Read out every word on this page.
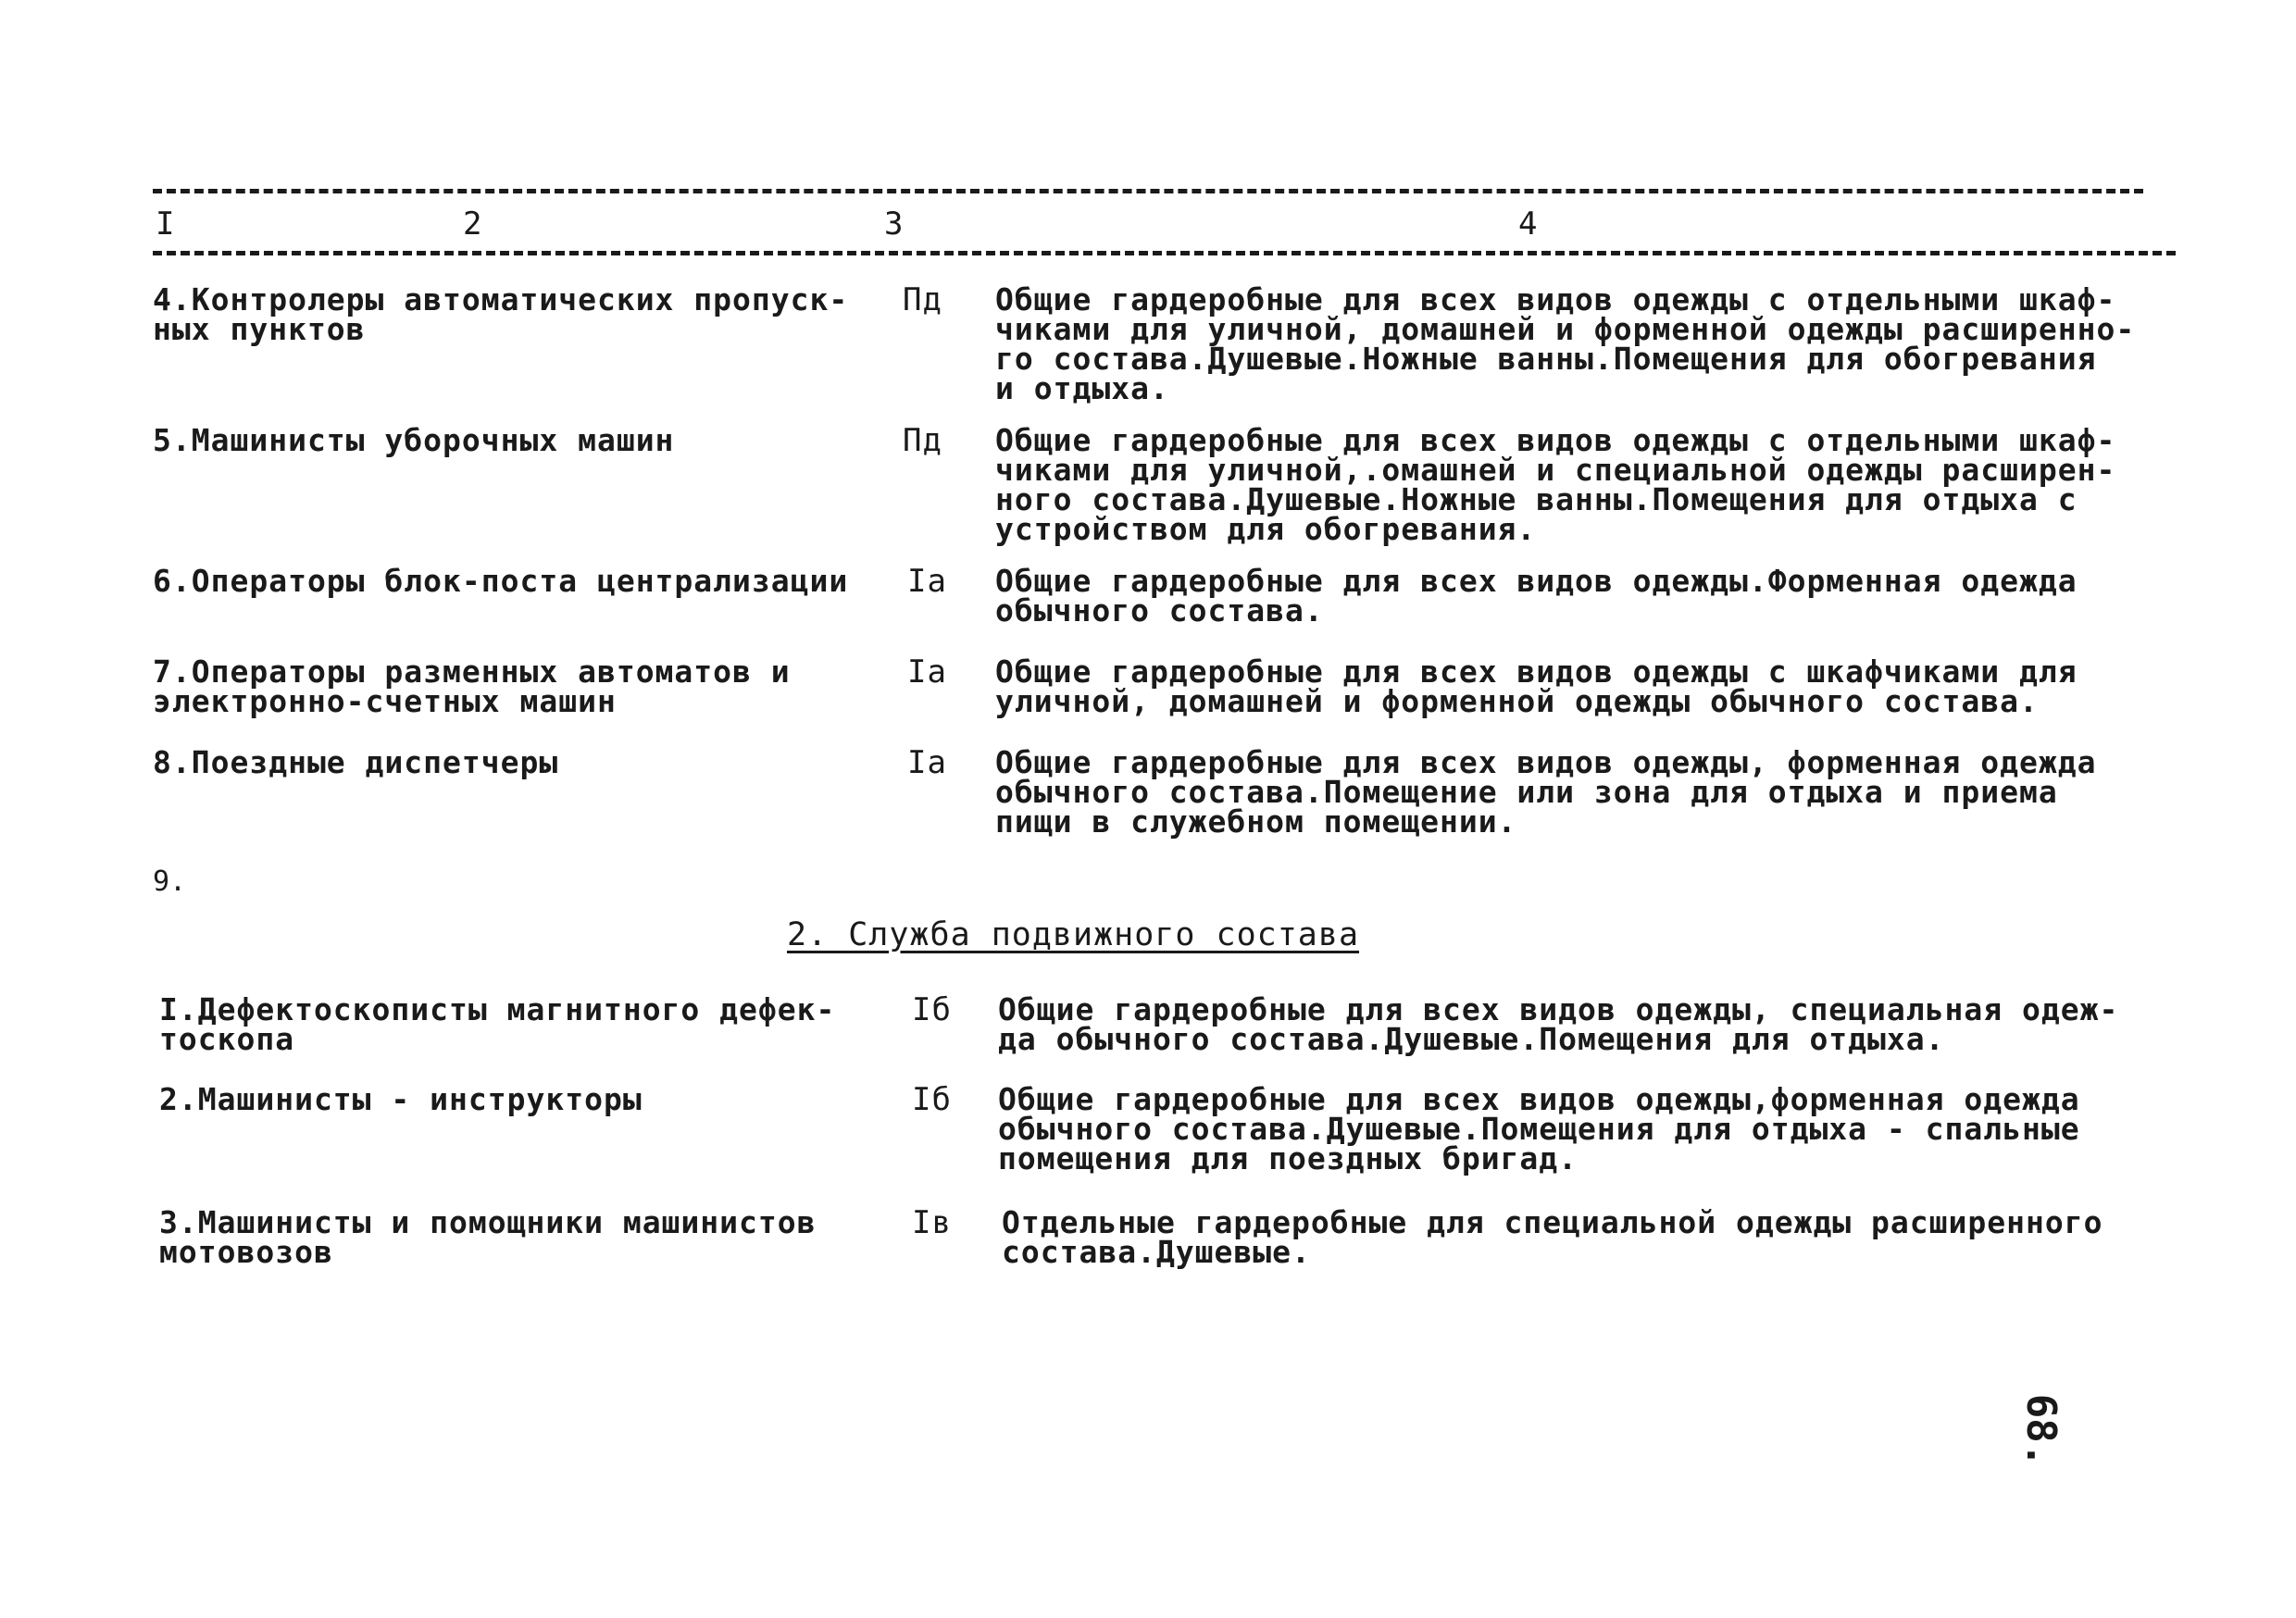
I	2	3	4
4.Контролеры автоматических пропуск-
ных пунктов
Пд Общие гардеробные для всех видов одежды с отдельными шкаф-
чиками для уличной, домашней и форменной одежды расширенно-
го состава.Душевые.Ножные ванны.Помещения для обогревания
и отдыха.
5.Машинисты уборочных машин	Пд Общие гардеробные для всех видов одежды с отдельными шкаф-
чиками для уличной,.омашней и специальной одежды расширен-
ного состава.Душевые.Ножные ванны.Помещения для отдыха с
устройством для обогревания.
6.Операторы блок-поста централизации Iа Общие гардеробные для всех видов одежды.Форменная одежда
обычного состава.
7.Операторы разменных автоматов и
электронно-счетных машин
Iа Общие гардеробные для всех видов одежды с шкафчиками для
уличной, домашней и форменной одежды обычного состава.
8.Поездные диспетчеры	Iа Общие гардеробные для всех видов одежды, форменная одежда
обычного состава.Помещение или зона для отдыха и приема
пищи в служебном помещении.
9.
2. Служба подвижного состава
I.Дефектоскописты магнитного дефек-
тоскопа
Iб Общие гардеробные для всех видов одежды, специальная одеж-
да обычного состава.Душевые.Помещения для отдыха.
2.Машинисты - инструкторы	Iб Общие гардеробные для всех видов одежды,форменная одежда
обычного состава.Душевые.Помещения для отдыха - спальные
помещения для поездных бригад.
3.Машинисты и помощники машинистов
мотовозов
Iв Отдельные гардеробные для специальной одежды расширенного
состава.Душевые.
68.
